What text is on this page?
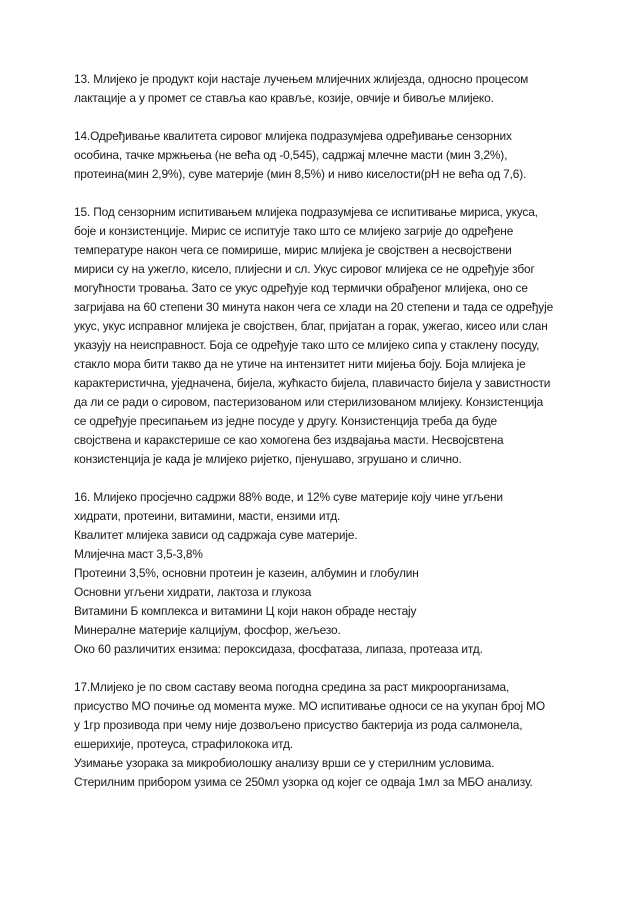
13. Млијеко је продукт који настаје лучењем млијечних жлијезда, односно процесом
лактације а у промет се ставља као кравље, козије, овчије и бивоље млијеко.
14.Одређивање квалитета сировог млијека подразумјева одређивање сензорних
особина, тачке мржњења (не већа од -0,545), садржај млечне масти (мин 3,2%),
протеина(мин 2,9%), суве материје (мин 8,5%) и ниво киселости(pH не већа од 7,6).
15. Под сензорним испитивањем млијека подразумјева се испитивање мириса, укуса,
боје и конзистенције. Мирис се испитује тако што се млијеко загрије до одређене
температуре након чега се помирише, мирис млијека је својствен а несвојствени
мириси су на ужегло, кисело, плијесни и сл. Укус сировог млијека се не одређује због
могућности тровања. Зато се укус одређује код термички обрађеног млијека, оно се
загријава на 60 степени 30 минута након чега се хлади на 20 степени и тада се одређује
укус, укус исправног млијека је својствен, благ, пријатан а горак, ужегао, кисео или слан
указују на неисправност. Боја се одређује тако што се млијеко сипа у стаклену посуду,
стакло мора бити такво да не утиче на интензитет нити мијења боју. Боја млијека је
карактеристична, уједначена, бијела, жућкасто бијела, плавичасто бијела у завистности
да ли се ради о сировом, пастеризованом или стерилизованом млијеку. Конзистенција
се одређује пресипањем из једне посуде у другу. Конзистенција треба да буде
својствена и каракстерише се као хомогена без издвајања масти. Несвојсвтена
конзистенција је када је млијеко ријетко, пјенушаво, згрушано и слично.
16. Млијеко просјечно садржи 88% воде, и 12% суве материје коју чине угљени
хидрати, протеини, витамини, масти, ензими итд.
Квалитет млијека зависи од садржаја суве материје.
Млијечна маст 3,5-3,8%
Протеини 3,5%, основни протеин је казеин, албумин и глобулин
Основни угљени хидрати, лактоза и глукоза
Витамини Б комплекса и витамини Ц који након обраде нестају
Минералне материје калцијум, фосфор, жељезо.
Око 60 различитих ензима: пероксидаза, фосфатаза, липаза, протеаза итд.
17.Млијеко је по свом саставу веома погодна средина за раст микроорганизама,
присуство МО почиње од момента муже. МО испитивање односи се на укупан број МО
у 1гр прозивода при чему није дозвољено присуство бактерија из рода салмонела,
ешерихије, протеуса, страфилокока итд.
Узимање узорака за микробиолошку анализу врши се у стерилним условима.
Стерилним прибором узима се 250мл узорка од којег се одваја 1мл за МБО анализу.
